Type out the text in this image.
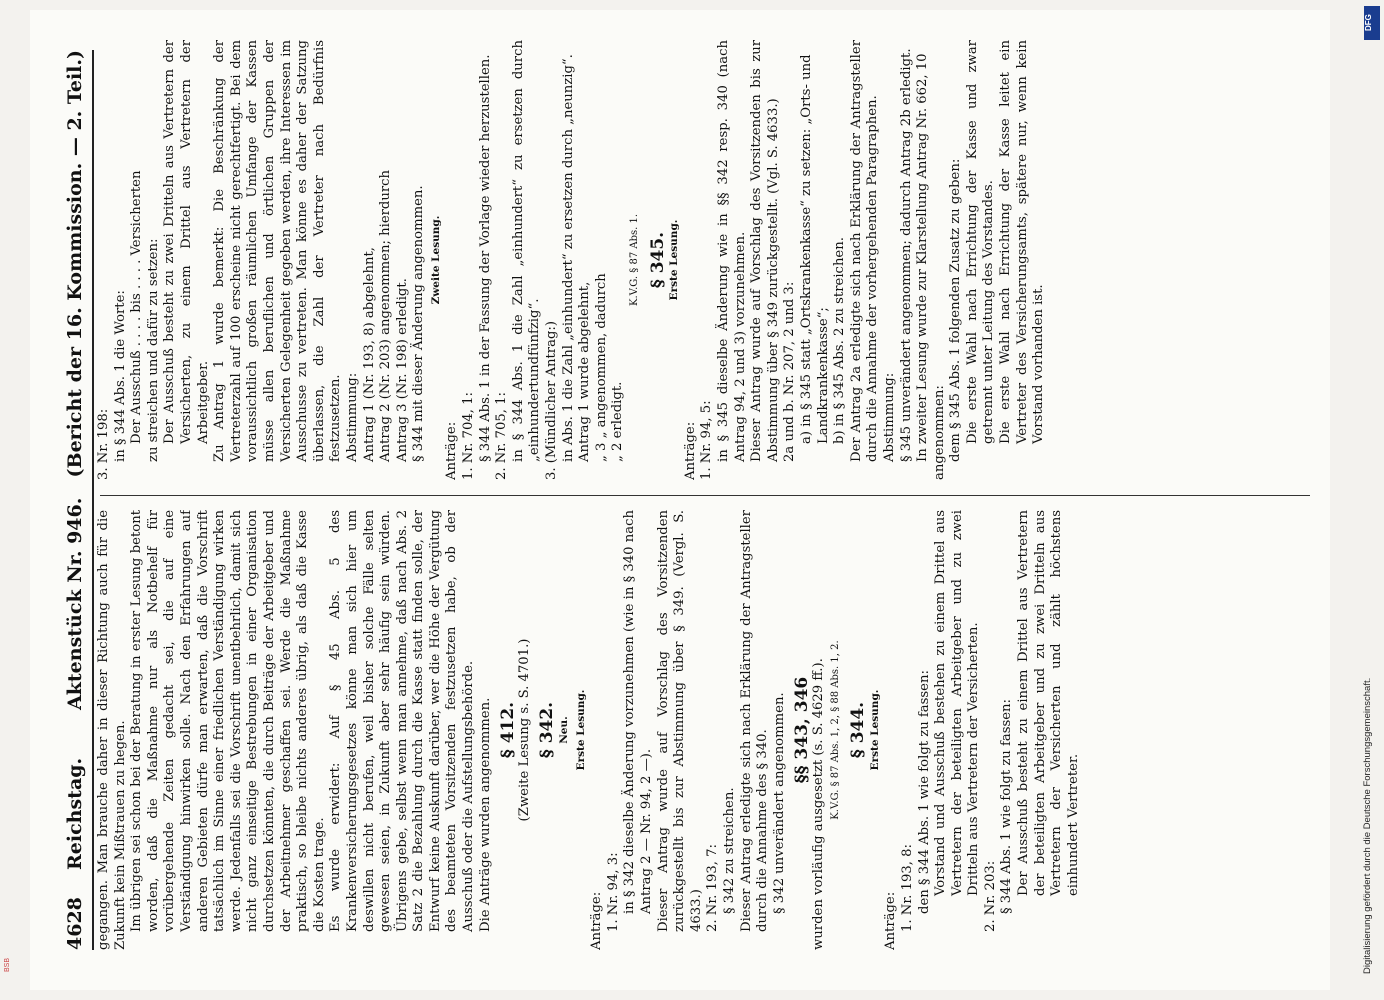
4628
Reichstag.
Aktenstück Nr. 946.
(Bericht der 16. Kommission. — 2. Teil.)
gegangen. Man brauche daher in dieser Richtung auch für die Zukunft kein Mißtrauen zu hegen. Im übrigen sei schon bei der Beratung in erster Lesung betont worden, daß die Maßnahme nur als Notbehelf für vorübergehende Zeiten gedacht sei, die auf eine Verständigung hinwirken solle. Nach den Erfahrungen auf anderen Gebieten dürfe man erwarten, daß die Vorschrift tatsächlich im Sinne einer friedlichen Verständigung wirken werde. Jedenfalls sei die Vorschrift unentbehrlich, damit sich nicht ganz einseitige Bestrebungen in einer Organisation durchsetzen könnten, die durch Beiträge der Arbeitgeber und der Arbeitnehmer geschaffen sei. Werde die Maßnahme praktisch, so bleibe nichts anderes übrig, als daß die Kasse die Kosten trage. Es wurde erwidert: Auf § 45 Abs. 5 des Krankenversicherungsgesetzes könne man sich hier um deswillen nicht berufen, weil bisher solche Fälle selten gewesen seien, in Zukunft aber sehr häufig sein würden. Übrigens gebe, selbst wenn man annehme, daß nach Abs. 2 Satz 2 die Bezahlung durch die Kasse statt finden solle, der Entwurf keine Auskunft darüber, wer die Höhe der Vergütung des beamteten Vorsitzenden festzusetzen habe, ob der Ausschuß oder die Aufstellungsbehörde. Die Anträge wurden angenommen. § 412.
(Zweite Lesung s. S. 4701.) § 342. Neu. Erste Lesung.
Anträge: 1. Nr. 94, 3: in § 342 dieselbe Änderung vorzunehmen (wie in § 340 nach Antrag 2 — Nr. 94, 2 —). Dieser Antrag wurde auf Vorschlag des Vorsitzenden zurückgestellt bis zur Abstimmung über § 349. (Vergl. S. 4633.) 2. Nr. 193, 7: § 342 zu streichen. Dieser Antrag erledigte sich nach Erklärung der Antragsteller durch die Annahme des § 340. § 342 unverändert angenommen. §§ 343, 346
wurden vorläufig ausgesetzt (s. S. 4629 ff.). K.V.G. § 87 Abs. 1, 2, § 88 Abs. 1, 2. § 344. Erste Lesung.
Anträge: 1. Nr. 193, 8: den § 344 Abs. 1 wie folgt zu fassen: Vorstand und Ausschuß bestehen zu einem Drittel aus Vertretern der beteiligten Arbeitgeber und zu zwei Dritteln aus Vertretern der Versicherten.
2. Nr. 203: § 344 Abs. 1 wie folgt zu fassen: Der Ausschuß besteht zu einem Drittel aus Vertretern der beteiligten Arbeitgeber und zu zwei Dritteln aus Vertretern der Versicherten und zählt höchstens einhundert Vertreter.
3. Nr. 198: in § 344 Abs. 1 die Worte: Der Ausschuß . . . . bis . . . . Versicherten zu streichen und dafür zu setzen: Der Ausschuß besteht zu zwei Dritteln aus Vertretern der Versicherten, zu einem Drittel aus Vertretern der Arbeitgeber. Zu Antrag 1 wurde bemerkt: Die Beschränkung der Vertreterzahl auf 100 erscheine nicht gerechtfertigt. Bei dem voraussichtlich großen räumlichen Umfange der Kassen müsse allen beruflichen und örtlichen Gruppen der Versicherten Gelegenheit gegeben werden, ihre Interessen im Ausschusse zu vertreten. Man könne es daher der Satzung überlassen, die Zahl der Vertreter nach Bedürfnis festzusetzen. Abstimmung: Antrag 1 (Nr. 193, 8) abgelehnt, Antrag 2 (Nr. 203) angenommen; hierdurch Antrag 3 (Nr. 198) erledigt. § 344 mit dieser Änderung angenommen. Zweite Lesung.
Anträge: 1. Nr. 704, 1: § 344 Abs. 1 in der Fassung der Vorlage wieder herzustellen. 2. Nr. 705, 1: in § 344 Abs. 1 die Zahl „einhundert“ zu ersetzen durch „einhundertundfünfzig“. 3. (Mündlicher Antrag:) in Abs. 1 die Zahl „einhundert“ zu ersetzen durch „neunzig“. Antrag 1 wurde abgelehnt, „ 3 „ angenommen, dadurch „ 2 erledigt.
K.V.G. § 87 Abs. 1. § 345. Erste Lesung.
Anträge: 1. Nr. 94, 5: in § 345 dieselbe Änderung wie in §§ 342 resp. 340 (nach Antrag 94, 2 und 3) vorzunehmen. Dieser Antrag wurde auf Vorschlag des Vorsitzenden bis zur Abstimmung über § 349 zurückgestellt. (Vgl. S. 4633.) 2a und b. Nr. 207, 2 und 3: a) in § 345 statt „Ortskrankenkasse“ zu setzen: „Orts- und Landkrankenkasse“; b) in § 345 Abs. 2 zu streichen. Der Antrag 2a erledigte sich nach Erklärung der Antragsteller durch die Annahme der vorhergehenden Paragraphen. Abstimmung: § 345 unverändert angenommen; dadurch Antrag 2b erledigt. In zweiter Lesung wurde zur Klarstellung Antrag Nr. 662, 10 angenommen: dem § 345 Abs. 1 folgenden Zusatz zu geben: Die erste Wahl nach Errichtung der Kasse und zwar getrennt unter Leitung des Vorstandes. Die erste Wahl nach Errichtung der Kasse leitet ein Vertreter des Versicherungsamts, spätere nur, wenn kein Vorstand vorhanden ist.
DFG
Digitalisierung gefördert durch die Deutsche Forschungsgemeinschaft.
BSB
